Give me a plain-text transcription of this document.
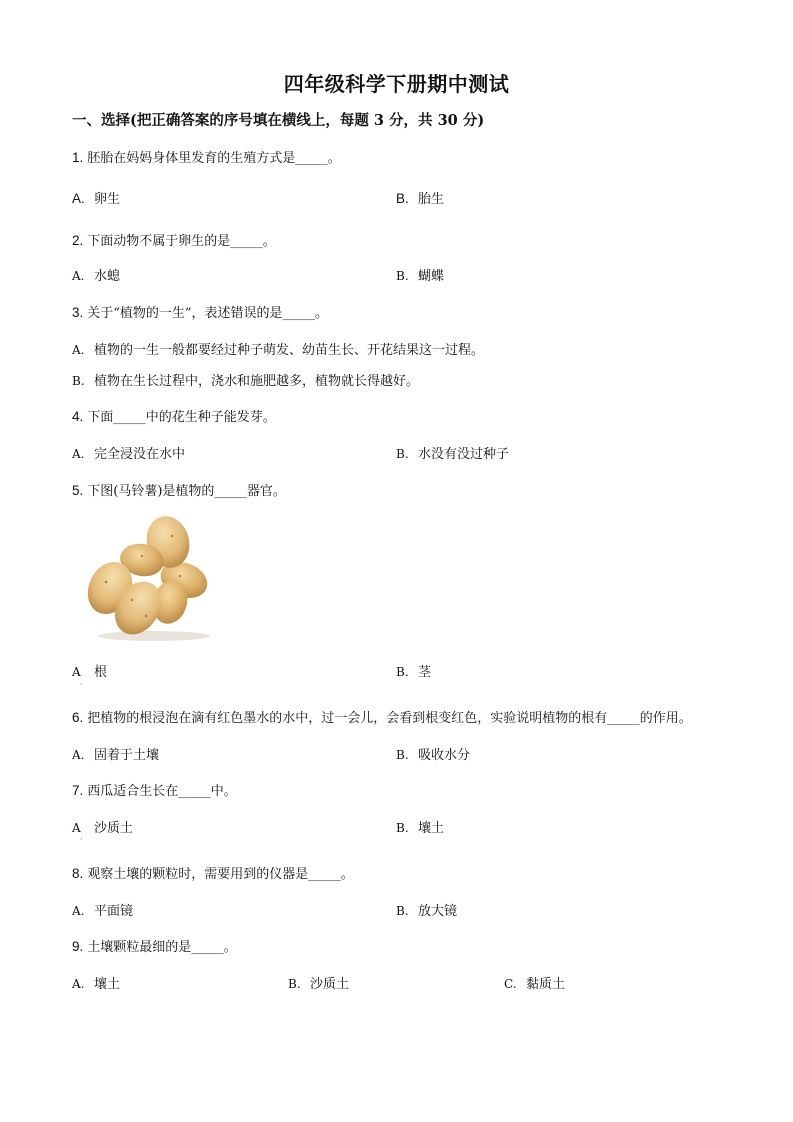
四年级科学下册期中测试
一、选择(把正确答案的序号填在横线上，每题 3 分，共 30 分)
1. 胚胎在妈妈身体里发育的生殖方式是_____。
A. 卵生	B. 胎生
2. 下面动物不属于卵生的是_____。
A. 水螅	B. 蝴蝶
3. 关于“植物的一生”，表述错误的是_____。
A. 植物的一生一般都要经过种子萌发、幼苗生长、开花结果这一过程。
B. 植物在生长过程中，浇水和施肥越多，植物就长得越好。
4. 下面_____中的花生种子能发芽。
A. 完全浸没在水中	B. 水没有没过种子
5. 下图(马铃薯)是植物的_____器官。
A 根	B. 茎
·
6. 把植物的根浸泡在滴有红色墨水的水中，过一会儿，会看到根变红色，实验说明植物的根有_____的作用。
A. 固着于土壤	B. 吸收水分
7. 西瓜适合生长在_____中。
A 沙质土	B. 壤土
·
8. 观察土壤的颗粒时，需要用到的仪器是_____。
A. 平面镜	B. 放大镜
9. 土壤颗粒最细的是_____。
A. 壤土	B. 沙质土	C. 黏质土
